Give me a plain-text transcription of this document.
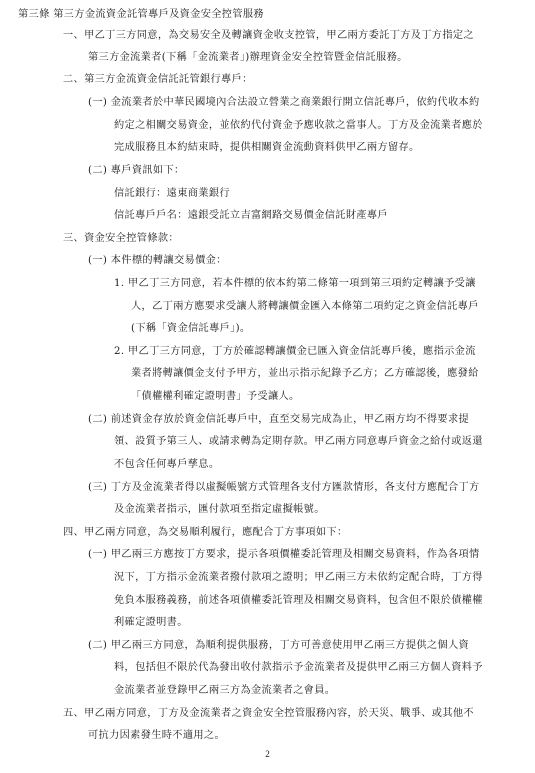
第三條 第三方金流資金託管專戶及資金安全控管服務
一、甲乙丁三方同意，為交易安全及轉讓資金收支控管，甲乙兩方委託丁方及丁方指定之
第三方金流業者(下稱「金流業者」)辦理資金安全控管暨金信託服務。
二、第三方金流資金信託託管銀行專戶：
(一) 金流業者於中華民國境內合法設立營業之商業銀行開立信託專戶，依約代收本約
約定之相關交易資金，並依約代付資金予應收款之當事人。丁方及金流業者應於
完成服務且本約結束時，提供相關資金流動資料供甲乙兩方留存。
(二) 專戶資訊如下：
信託銀行：遠東商業銀行
信託專戶戶名：遠銀受託立吉富網路交易價金信託財產專戶
三、資金安全控管條款：
(一) 本件標的轉讓交易價金：
1. 甲乙丁三方同意，若本件標的依本約第二條第一項到第三項約定轉讓予受讓
人，乙丁兩方應要求受讓人將轉讓價金匯入本條第二項約定之資金信託專戶
(下稱「資金信託專戶」)。
2. 甲乙丁三方同意，丁方於確認轉讓價金已匯入資金信託專戶後，應指示金流
業者將轉讓價金支付予甲方，並出示指示紀錄予乙方；乙方確認後，應發給
「債權權利確定證明書」予受讓人。
(二) 前述資金存放於資金信託專戶中，直至交易完成為止，甲乙兩方均不得要求提
領、設質予第三人、或請求轉為定期存款。甲乙兩方同意專戶資金之給付或返還
不包含任何專戶孳息。
(三) 丁方及金流業者得以虛擬帳號方式管理各支付方匯款情形，各支付方應配合丁方
及金流業者指示，匯付款項至指定虛擬帳號。
四、甲乙兩方同意，為交易順利履行，應配合丁方事項如下：
(一) 甲乙兩三方應按丁方要求，提示各項價權委託管理及相關交易資料，作為各項情
況下，丁方指示金流業者撥付款項之證明；甲乙兩三方未依約定配合時，丁方得
免負本服務義務，前述各項債權委託管理及相關交易資料，包含但不限於債權權
利確定證明書。
(二) 甲乙兩三方同意，為順利提供服務，丁方可善意使用甲乙兩三方提供之個人資
料，包括但不限於代為發出收付款指示予金流業者及提供甲乙兩三方個人資料予
金流業者並登錄甲乙兩三方為金流業者之會員。
五、甲乙兩方同意，丁方及金流業者之資金安全控管服務內容，於天災、戰爭、或其他不
可抗力因素發生時不適用之。
2
